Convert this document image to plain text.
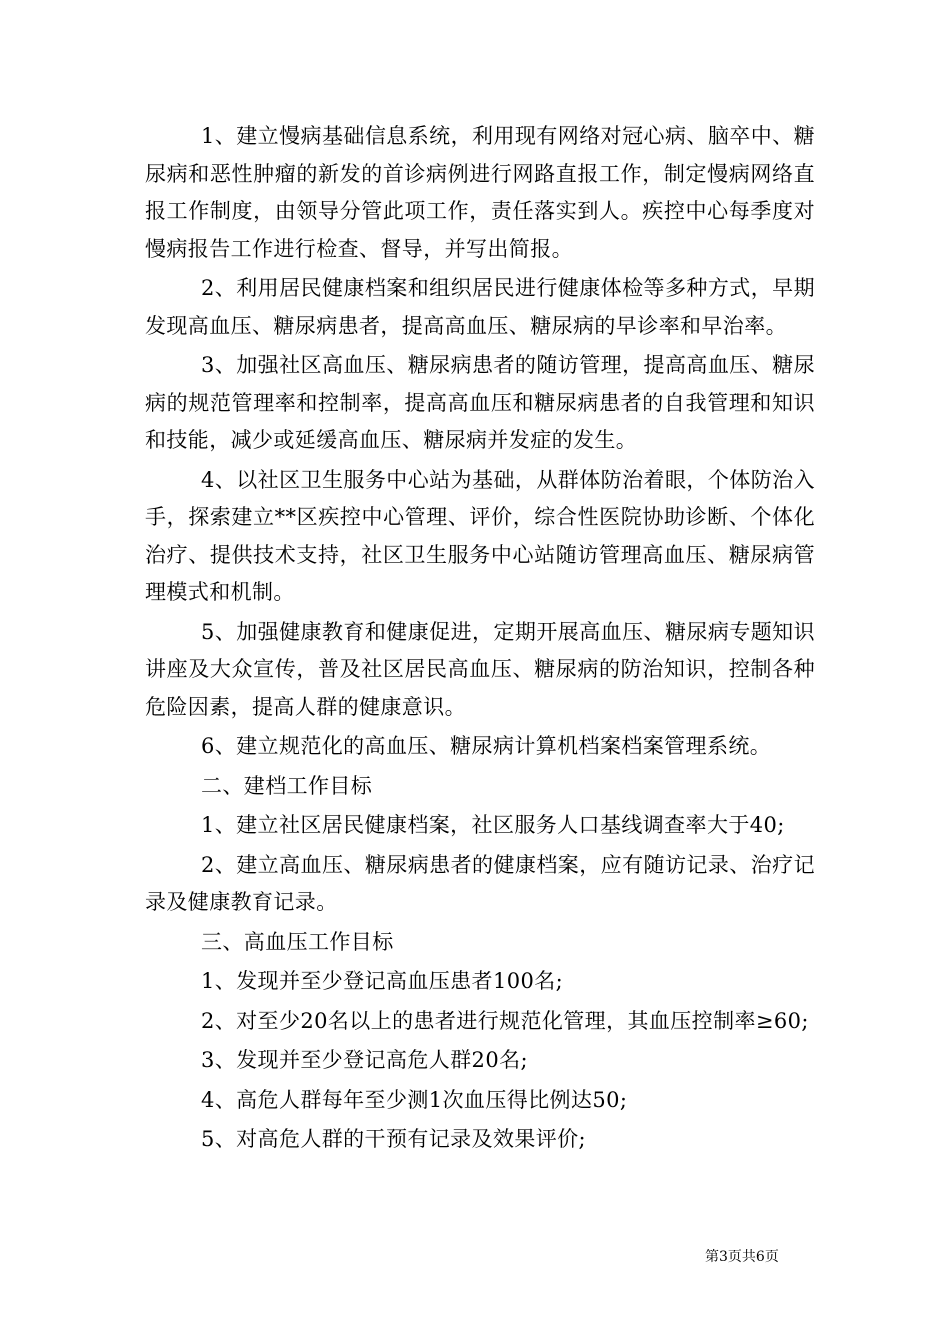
1、建立慢病基础信息系统，利用现有网络对冠心病、脑卒中、糖尿病和恶性肿瘤的新发的首诊病例进行网路直报工作，制定慢病网络直报工作制度，由领导分管此项工作，责任落实到人。疾控中心每季度对慢病报告工作进行检查、督导，并写出简报。

2、利用居民健康档案和组织居民进行健康体检等多种方式，早期发现高血压、糖尿病患者，提高高血压、糖尿病的早诊率和早治率。

3、加强社区高血压、糖尿病患者的随访管理，提高高血压、糖尿病的规范管理率和控制率，提高高血压和糖尿病患者的自我管理和知识和技能，减少或延缓高血压、糖尿病并发症的发生。

4、以社区卫生服务中心站为基础，从群体防治着眼，个体防治入手，探索建立**区疾控中心管理、评价，综合性医院协助诊断、个体化治疗、提供技术支持，社区卫生服务中心站随访管理高血压、糖尿病管理模式和机制。

5、加强健康教育和健康促进，定期开展高血压、糖尿病专题知识讲座及大众宣传，普及社区居民高血压、糖尿病的防治知识，控制各种危险因素，提高人群的健康意识。

6、建立规范化的高血压、糖尿病计算机档案档案管理系统。

二、建档工作目标

1、建立社区居民健康档案，社区服务人口基线调查率大于40;

2、建立高血压、糖尿病患者的健康档案，应有随访记录、治疗记录及健康教育记录。

三、高血压工作目标

1、发现并至少登记高血压患者100名;

2、对至少20名以上的患者进行规范化管理，其血压控制率≥60;

3、发现并至少登记高危人群20名;

4、高危人群每年至少测1次血压得比例达50;

5、对高危人群的干预有记录及效果评价;

第3页共6页
